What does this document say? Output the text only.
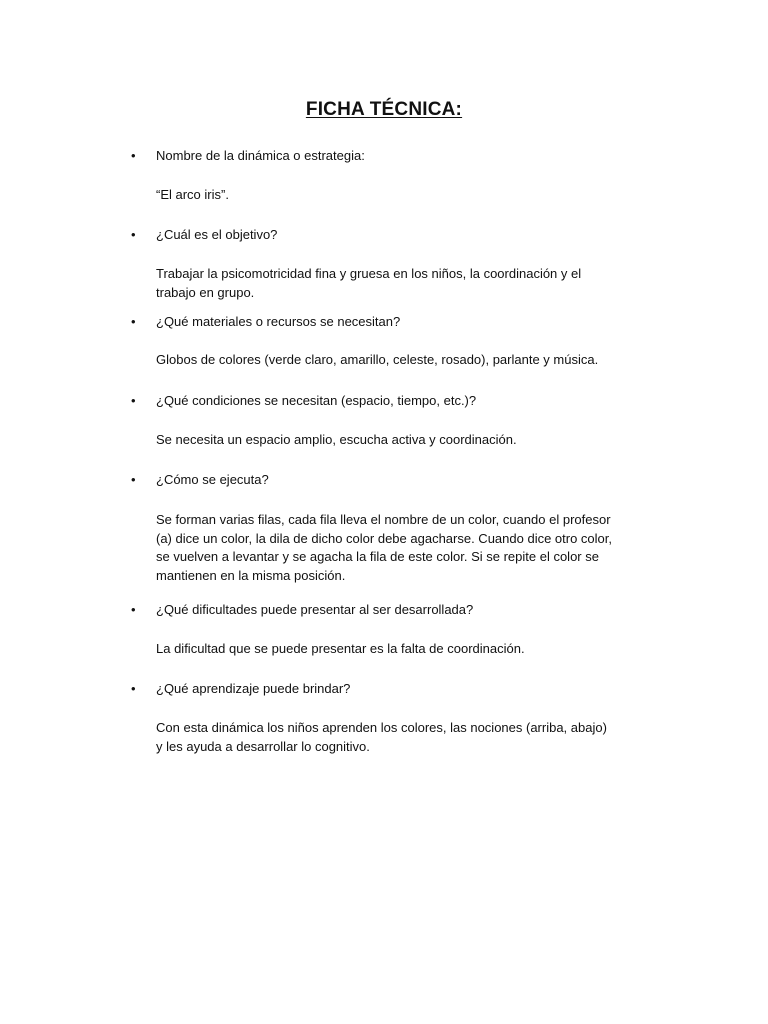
FICHA TÉCNICA:
• Nombre de la dinámica o estrategia:
“El arco iris”.
• ¿Cuál es el objetivo?
Trabajar la psicomotricidad fina y gruesa en los niños, la coordinación y el
trabajo en grupo.
• ¿Qué materiales o recursos se necesitan?
Globos de colores (verde claro, amarillo, celeste, rosado), parlante y música.
• ¿Qué condiciones se necesitan (espacio, tiempo, etc.)?
Se necesita un espacio amplio, escucha activa y coordinación.
• ¿Cómo se ejecuta?
Se forman varias filas, cada fila lleva el nombre de un color, cuando el profesor
(a) dice un color, la dila de dicho color debe agacharse. Cuando dice otro color,
se vuelven a levantar y se agacha la fila de este color. Si se repite el color se
mantienen en la misma posición.
• ¿Qué dificultades puede presentar al ser desarrollada?
La dificultad que se puede presentar es la falta de coordinación.
• ¿Qué aprendizaje puede brindar?
Con esta dinámica los niños aprenden los colores, las nociones (arriba, abajo)
y les ayuda a desarrollar lo cognitivo.
